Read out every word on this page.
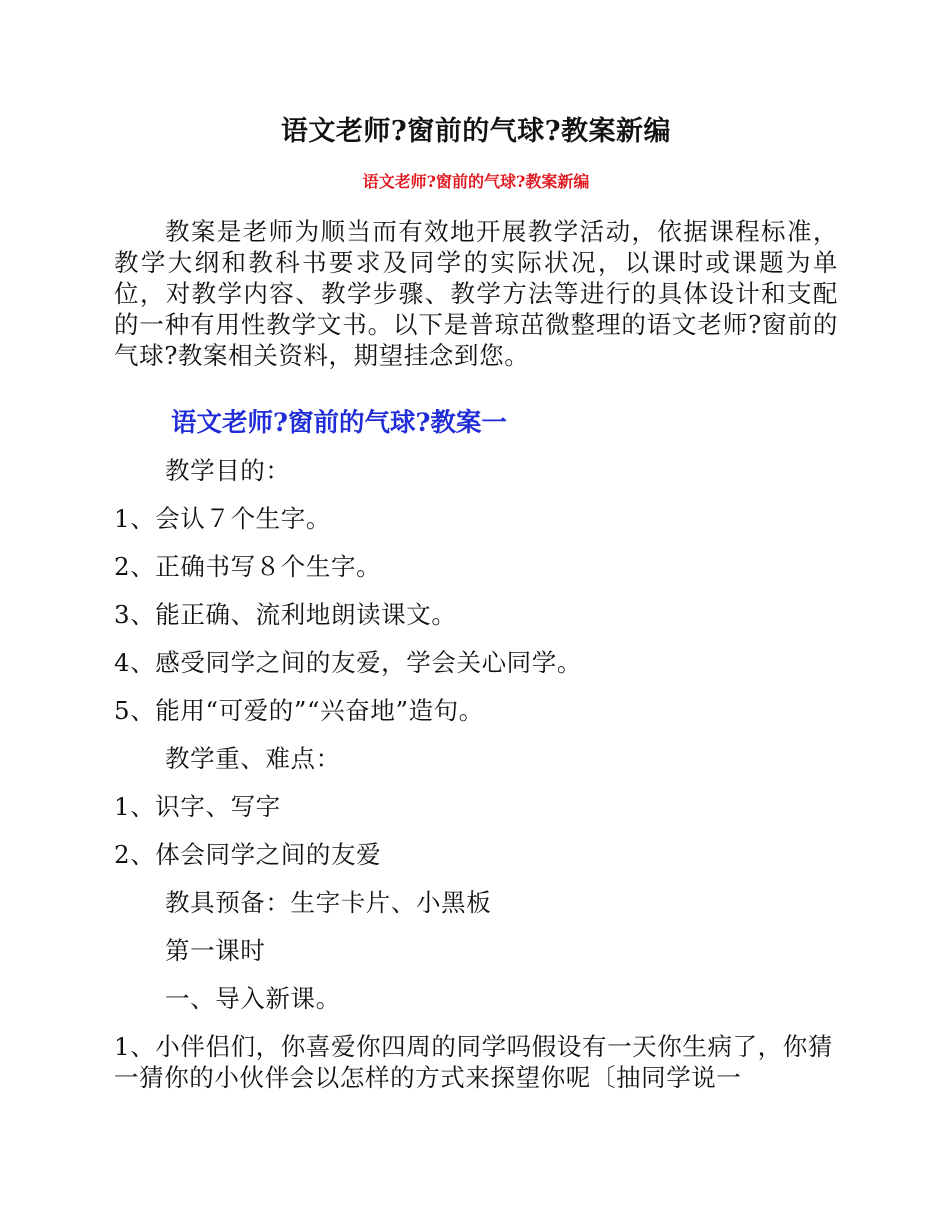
语文老师?窗前的气球?教案新编
语文老师?窗前的气球?教案新编

教案是老师为顺当而有效地开展教学活动，依据课程标准，教学大纲和教科书要求及同学的实际状况，以课时或课题为单位，对教学内容、教学步骤、教学方法等进行的具体设计和支配的一种有用性教学文书。以下是普琼茁微整理的语文老师?窗前的气球?教案相关资料，期望挂念到您。

语文老师?窗前的气球?教案一

教学目的：

1、会认７个生字。

2、正确书写８个生字。

3、能正确、流利地朗读课文。

4、感受同学之间的友爱，学会关心同学。

5、能用“可爱的”“兴奋地”造句。

教学重、难点：

1、识字、写字

2、体会同学之间的友爱

教具预备：生字卡片、小黑板

第一课时

一、导入新课。

1、小伴侣们，你喜爱你四周的同学吗假设有一天你生病了，你猜一猜你的小伙伴会以怎样的方式来探望你呢〔抽同学说一
